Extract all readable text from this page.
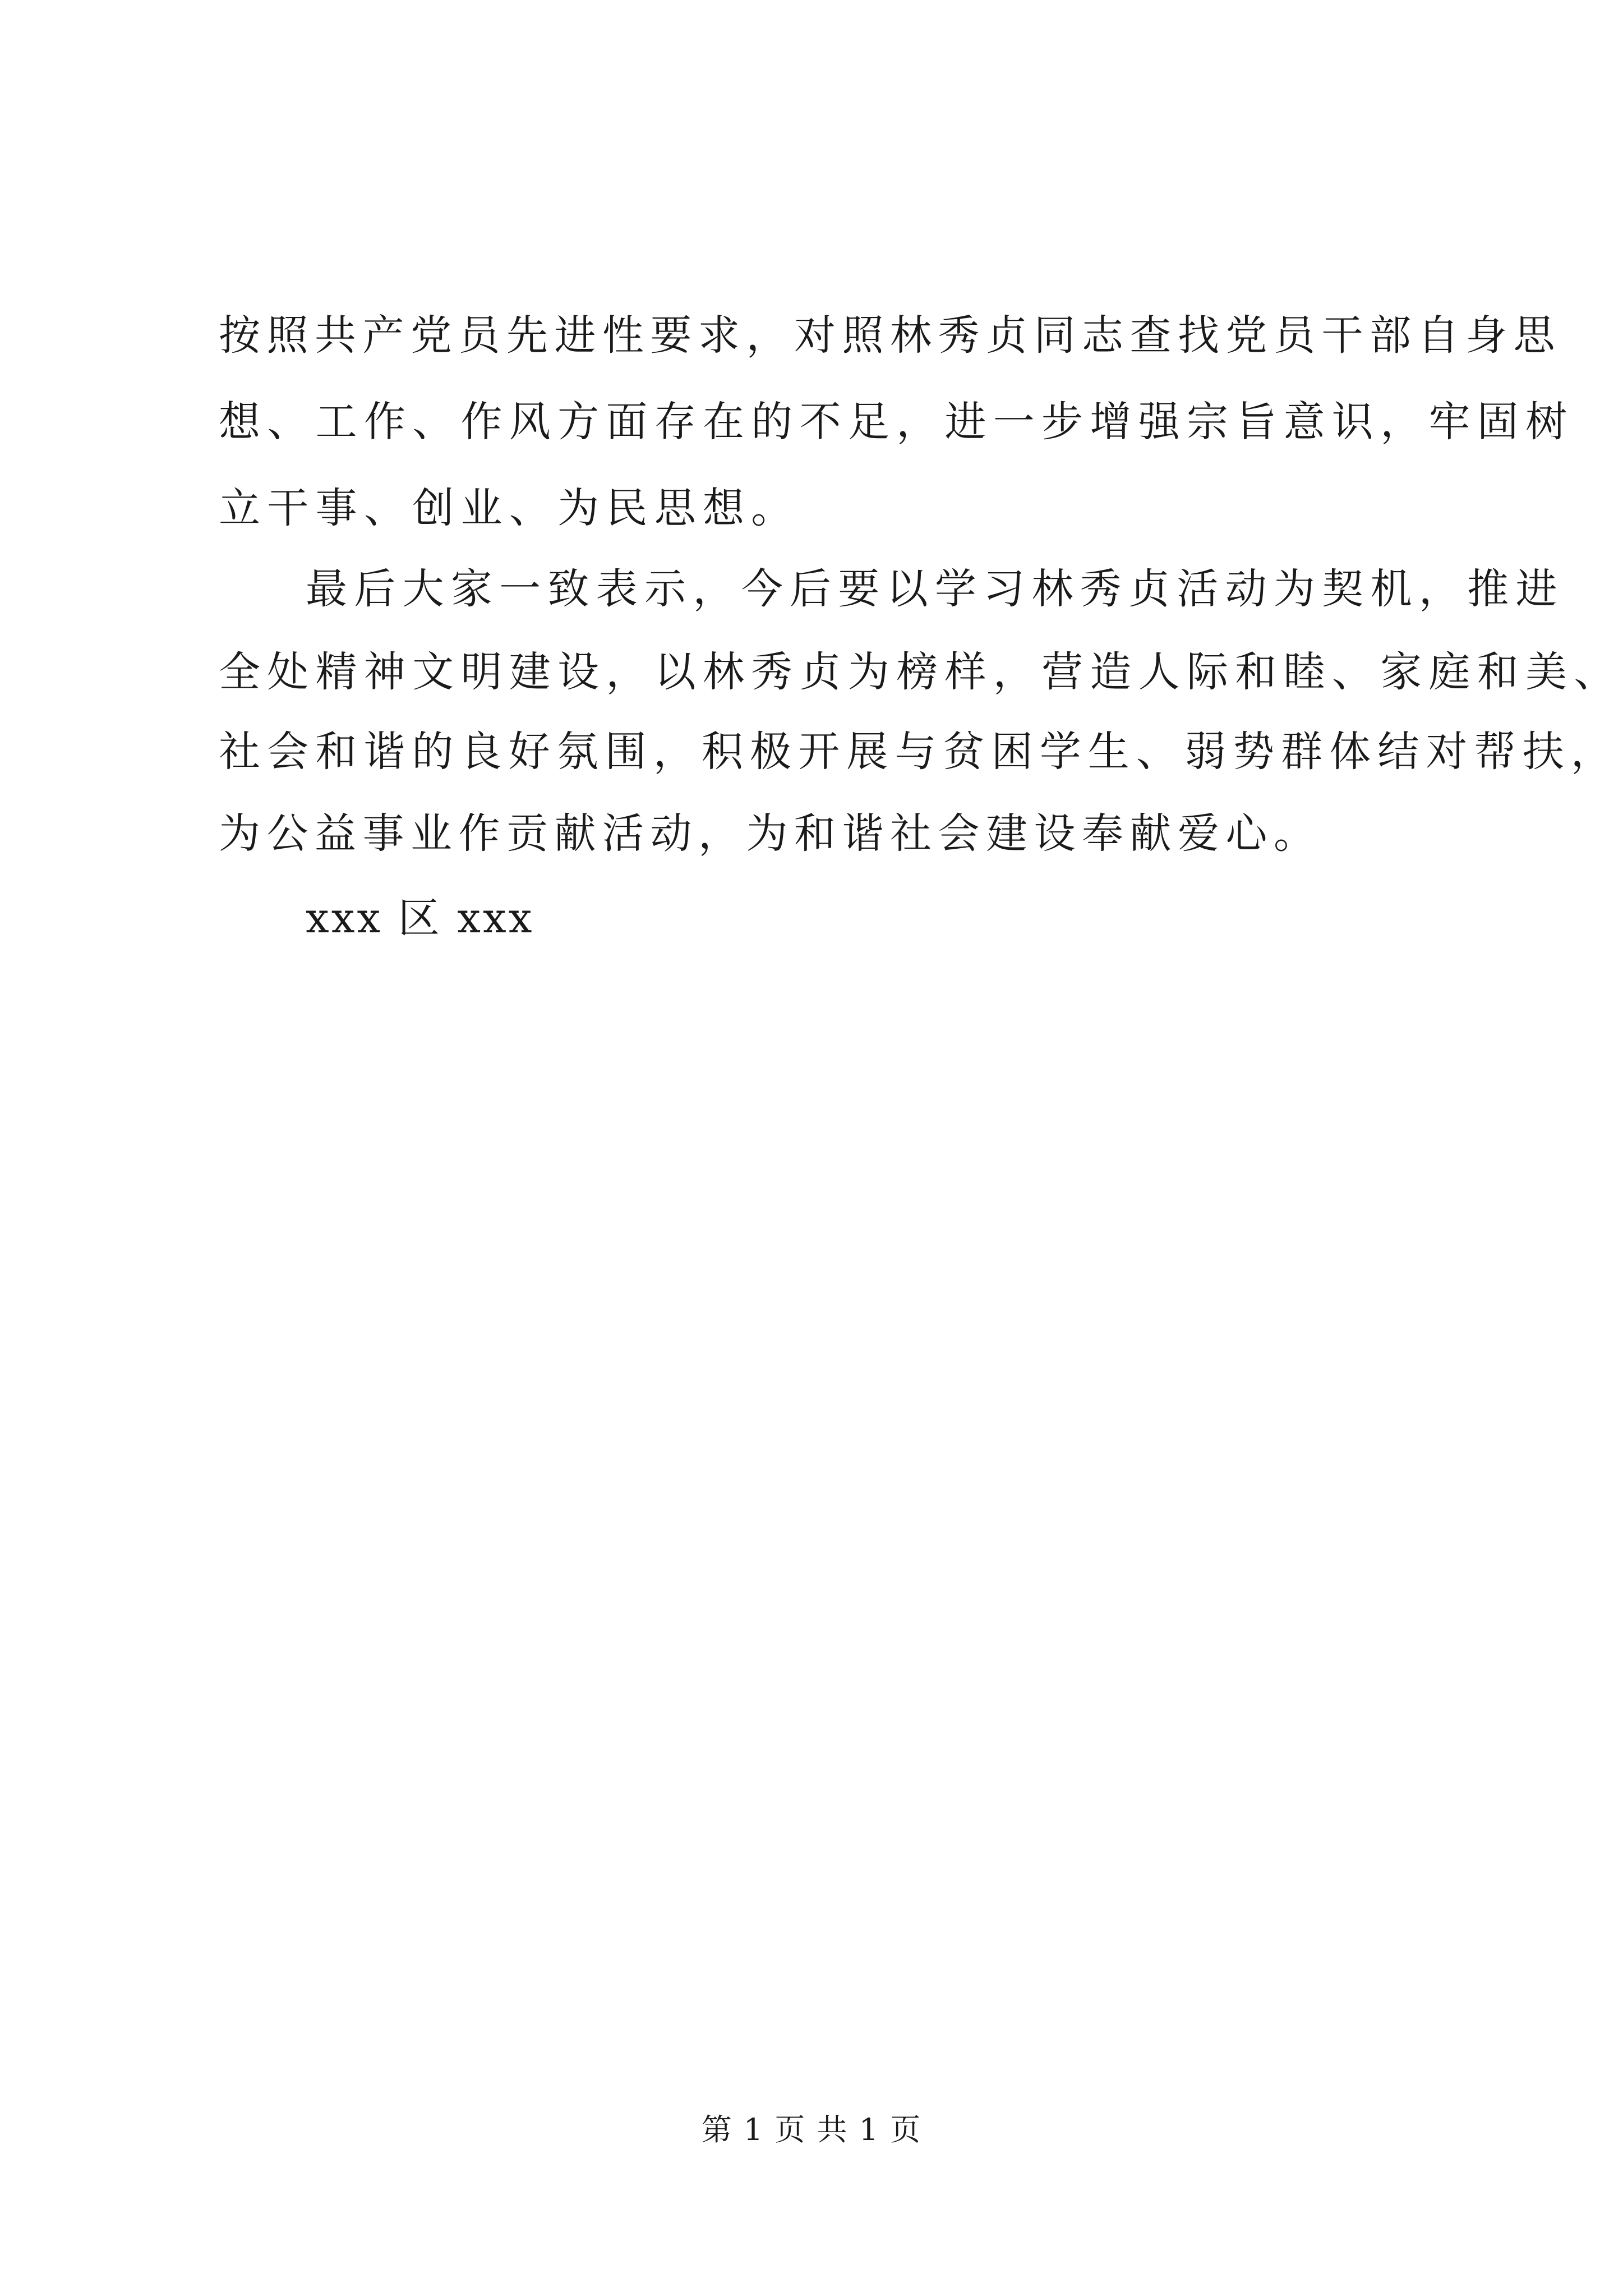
按照共产党员先进性要求，对照林秀贞同志查找党员干部自身思
想、工作、作风方面存在的不足，进一步增强宗旨意识，牢固树
立干事、创业、为民思想。
最后大家一致表示，今后要以学习林秀贞活动为契机，推进
全处精神文明建设，以林秀贞为榜样，营造人际和睦、家庭和美、
社会和谐的良好氛围，积极开展与贫困学生、弱势群体结对帮扶，
为公益事业作贡献活动，为和谐社会建设奉献爱心。
xxx 区 xxx
第 1 页 共 1 页
